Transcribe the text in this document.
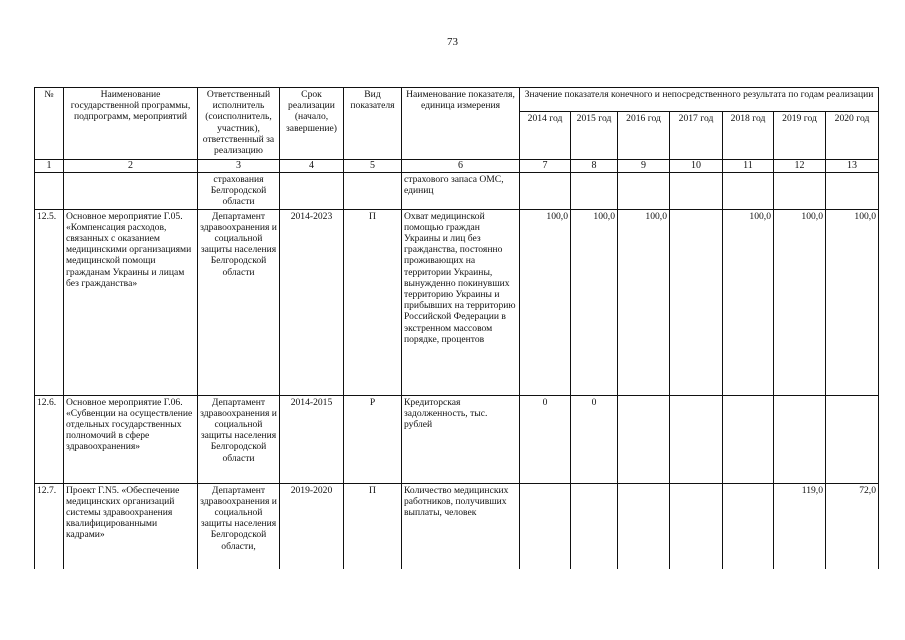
73
№	Наименование государственной программы, подпрограмм, мероприятий	Ответственный исполнитель (соисполнитель, участник), ответственный за реализацию	Срок реализации (начало, завершение)	Вид показателя	Наименование показателя, единица измерения	Значение показателя конечного и непосредственного результата по годам реализации						
						2014 год	2015 год	2016 год	2017 год	2018 год	2019 год	2020 год
1	2	3	4	5	6	7	8	9	10	11	12	13
		страхования Белгородской области			страхового запаса ОМС, единиц							
12.5.	Основное мероприятие Г.05. «Компенсация расходов, связанных с оказанием медицинскими организациями медицинской помощи гражданам Украины и лицам без гражданства»	Департамент здравоохранения и социальной защиты населения Белгородской области	2014-2023	П	Охват медицинской помощью граждан Украины и лиц без гражданства, постоянно проживающих на территории Украины, вынужденно покинувших территорию Украины и прибывших на территорию Российской Федерации в экстренном массовом порядке, процентов	100,0	100,0	100,0		100,0	100,0	100,0
12.6.	Основное мероприятие Г.06. «Субвенции на осуществление отдельных государственных полномочий в сфере здравоохранения»	Департамент здравоохранения и социальной защиты населения Белгородской области	2014-2015	Р	Кредиторская задолженность, тыс. рублей	0	0					
12.7.	Проект Г.N5. «Обеспечение медицинских организаций системы здравоохранения квалифицированными кадрами»	Департамент здравоохранения и социальной защиты населения Белгородской области,	2019-2020	П	Количество медицинских работников, получивших выплаты, человек						119,0	72,0
